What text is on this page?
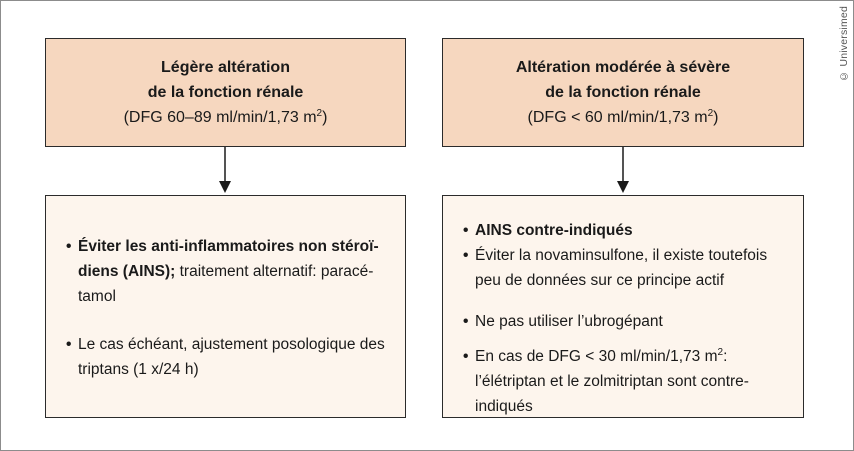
Légère altération
de la fonction rénale
(DFG 60–89 ml/min/1,73 $m^2$)
Altération modérée à sévère
de la fonction rénale
(DFG < 60 ml/min/1,73 $m^2$)
• Éviter les anti-inflammatoires non stéroï-diens (AINS); traitement alternatif: paracé-tamol
• Le cas échéant, ajustement posologique des triptans (1 x/24 h)
• AINS contre-indiqués
• Éviter la novaminsulfone, il existe toutefois peu de données sur ce principe actif
• Ne pas utiliser l’ubrogépant
• En cas de DFG < 30 ml/min/1,73 $m^2$: l’élétriptan et le zolmitriptan sont contre-indiqués
© Universimed
